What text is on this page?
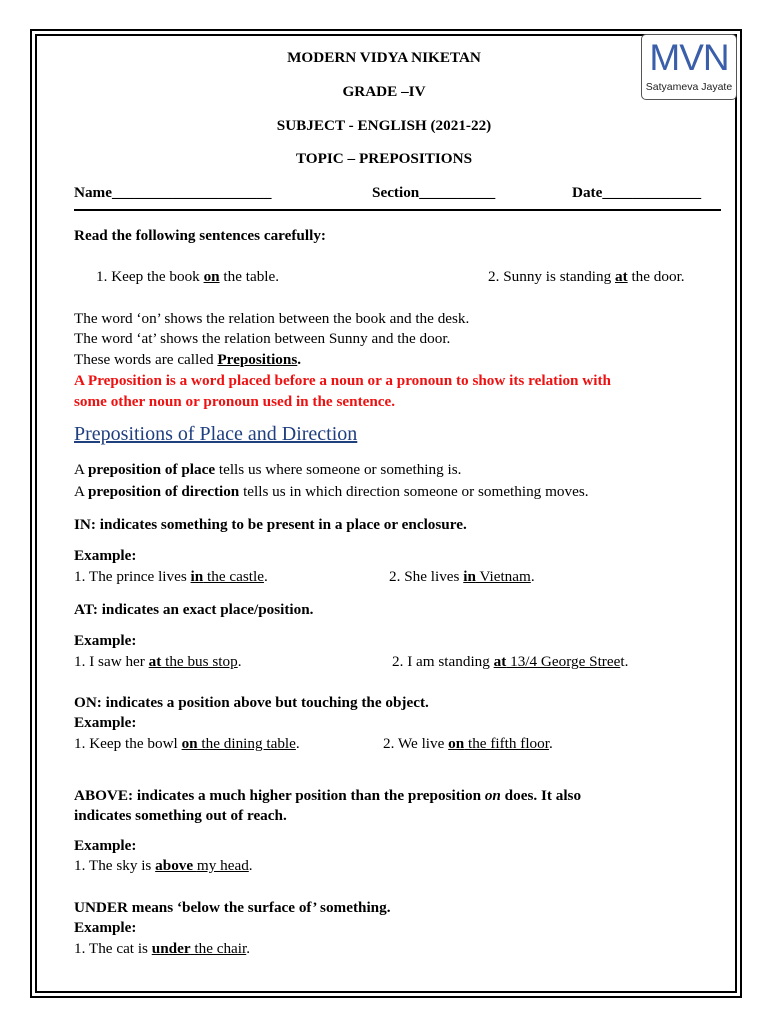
MVN
Satyameva Jayate
MODERN VIDYA NIKETAN
GRADE –IV
SUBJECT - ENGLISH (2021-22)
TOPIC – PREPOSITIONS
Name_____________________	Section__________	Date_____________
Read the following sentences carefully:
1. Keep the book on the table.	2. Sunny is standing at the door.
The word ‘on’ shows the relation between the book and the desk.
The word ‘at’ shows the relation between Sunny and the door.
These words are called Prepositions.
A Preposition is a word placed before a noun or a pronoun to show its relation with
some other noun or pronoun used in the sentence.
Prepositions of Place and Direction
A preposition of place tells us where someone or something is.
A preposition of direction tells us in which direction someone or something moves.
IN: indicates something to be present in a place or enclosure.
Example:
1. The prince lives in the castle.	2. She lives in Vietnam.
AT: indicates an exact place/position.
Example:
1. I saw her at the bus stop.	2. I am standing at 13/4 George Street.
ON: indicates a position above but touching the object.
Example:
1. Keep the bowl on the dining table.	2. We live on the fifth floor.
ABOVE: indicates a much higher position than the preposition on does. It also
indicates something out of reach.
Example:
1. The sky is above my head.
UNDER means ‘below the surface of’ something.
Example:
1. The cat is under the chair.
